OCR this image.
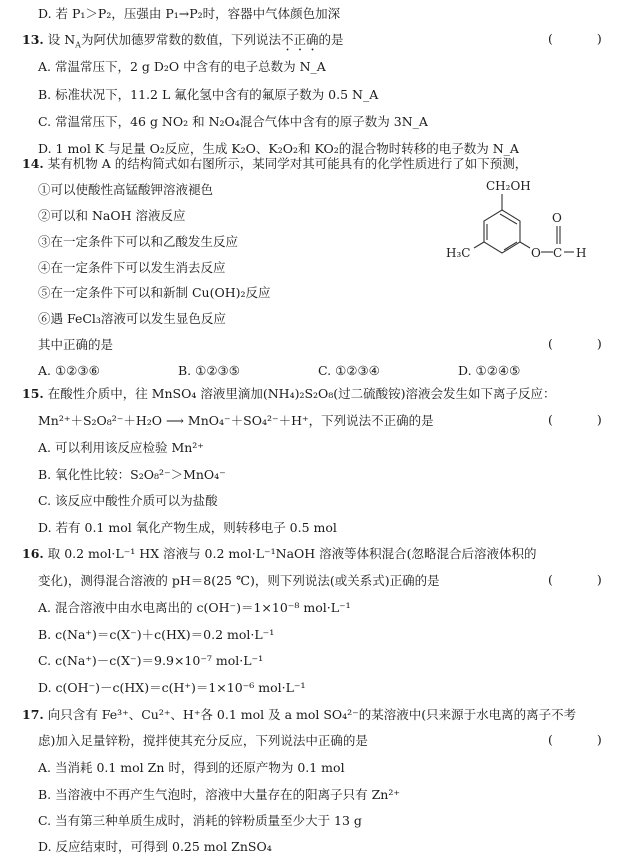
D. 若 P₁＞P₂，压强由 P₁→P₂时，容器中气体颜色加深
13. 设 $N_A$为阿伏加德罗常数的数值，下列说法不正确的是	( )
A. 常温常压下，2 g D₂O 中含有的电子总数为 N_A
B. 标准状况下，11.2 L 氟化氢中含有的氟原子数为 0.5 N_A
C. 常温常压下，46 g NO₂ 和 N₂O₄混合气体中含有的原子数为 3N_A
D. 1 mol K 与足量 O₂反应，生成 K₂O、K₂O₂和 KO₂的混合物时转移的电子数为 N_A
14. 某有机物 A 的结构简式如右图所示，某同学对其可能具有的化学性质进行了如下预测，
①可以使酸性高锰酸钾溶液褪色
②可以和 NaOH 溶液反应
③在一定条件下可以和乙酸发生反应
④在一定条件下可以发生消去反应
⑤在一定条件下可以和新制 Cu(OH)₂反应
⑥遇 FeCl₃溶液可以发生显色反应
其中正确的是	( )
A. ①②③⑥	B. ①②③⑤	C. ①②③④	D. ①②④⑤
CH₂OH
H₃C
O
O C H
15. 在酸性介质中，往 MnSO₄ 溶液里滴加(NH₄)₂S₂O₈(过二硫酸铵)溶液会发生如下离子反应：
Mn²⁺＋S₂O₈²⁻＋H₂O ⟶ MnO₄⁻＋SO₄²⁻＋H⁺，下列说法不正确的是	( )
A. 可以利用该反应检验 Mn²⁺
B. 氧化性比较：S₂O₈²⁻＞MnO₄⁻
C. 该反应中酸性介质可以为盐酸
D. 若有 0.1 mol 氧化产物生成，则转移电子 0.5 mol
16. 取 0.2 mol·L⁻¹ HX 溶液与 0.2 mol·L⁻¹NaOH 溶液等体积混合(忽略混合后溶液体积的
变化)，测得混合溶液的 pH＝8(25 ℃)，则下列说法(或关系式)正确的是	( )
A. 混合溶液中由水电离出的 c(OH⁻)＝1×10⁻⁸ mol·L⁻¹
B. c(Na⁺)＝c(X⁻)＋c(HX)＝0.2 mol·L⁻¹
C. c(Na⁺)－c(X⁻)＝9.9×10⁻⁷ mol·L⁻¹
D. c(OH⁻)－c(HX)＝c(H⁺)＝1×10⁻⁶ mol·L⁻¹
17. 向只含有 Fe³⁺、Cu²⁺、H⁺各 0.1 mol 及 a mol SO₄²⁻的某溶液中(只来源于水电离的离子不考
虑)加入足量锌粉，搅拌使其充分反应，下列说法中正确的是	( )
A. 当消耗 0.1 mol Zn 时，得到的还原产物为 0.1 mol
B. 当溶液中不再产生气泡时，溶液中大量存在的阳离子只有 Zn²⁺
C. 当有第三种单质生成时，消耗的锌粉质量至少大于 13 g
D. 反应结束时，可得到 0.25 mol ZnSO₄
